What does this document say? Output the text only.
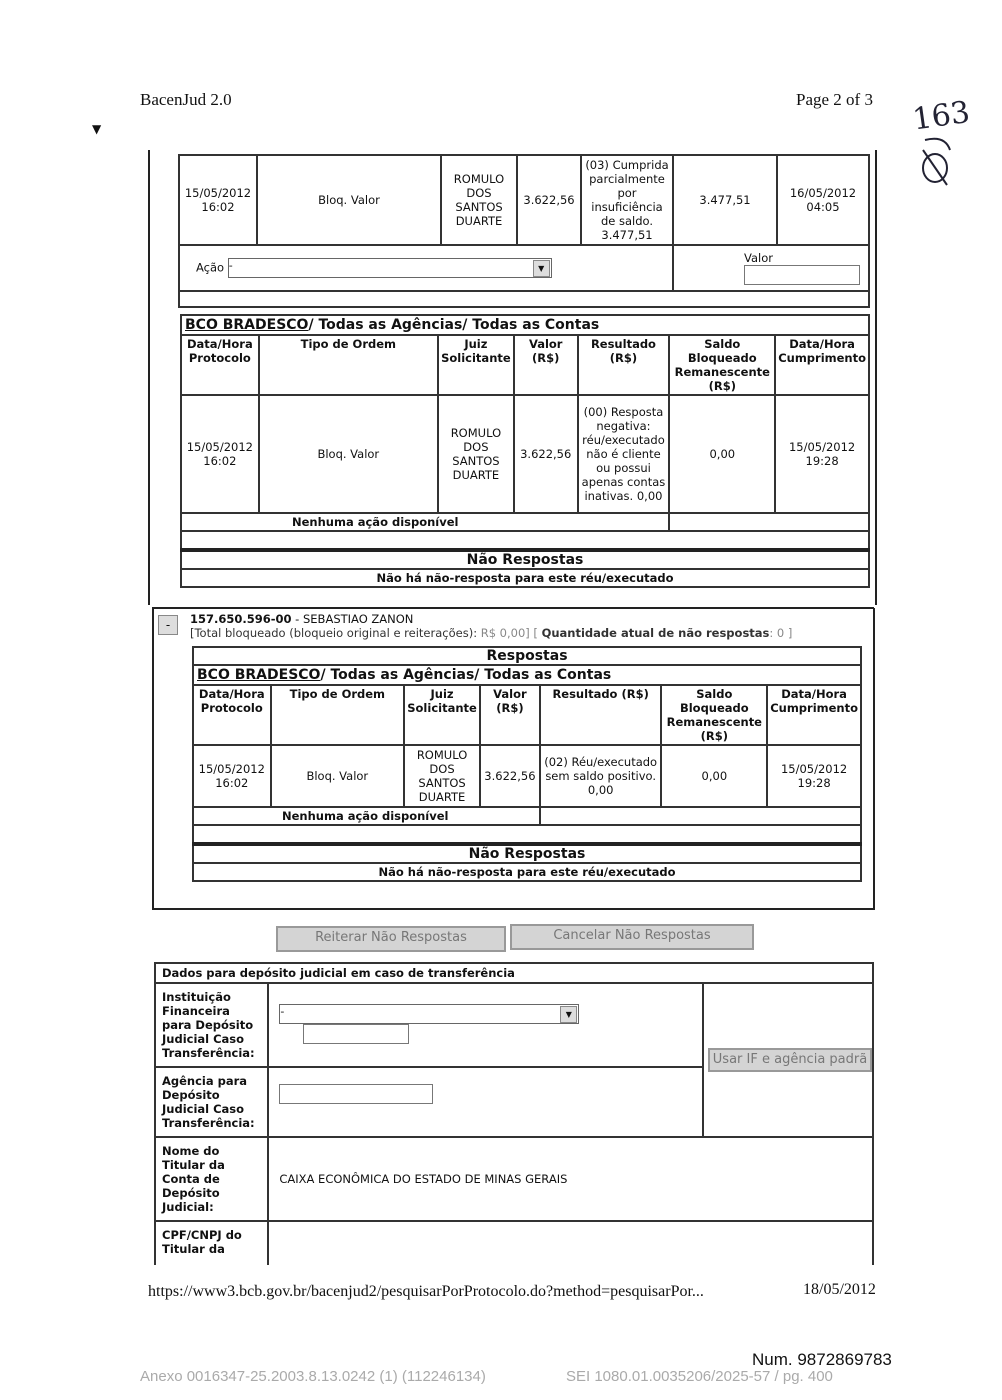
BacenJud 2.0	Page 2 of 3 163
▼
15/05/2012 16:02	Bloq. Valor	ROMULO DOS SANTOS DUARTE	3.622,56	(03) Cumprida parcialmente por insuficiência de saldo. 3.477,51	3.477,51	16/05/2012 04:05
Ação - ▼					Valor	

BCO BRADESCO/ Todas as Agências/ Todas as Contas						
Data/Hora Protocolo	Tipo de Ordem	Juiz Solicitante	Valor (R$)	Resultado (R$)	Saldo Bloqueado Remanescente (R$)	Data/Hora Cumprimento
15/05/2012 16:02	Bloq. Valor	ROMULO DOS SANTOS DUARTE	3.622,56	(00) Resposta negativa: réu/executado não é cliente ou possui apenas contas inativas. 0,00	0,00	15/05/2012 19:28
Nenhuma ação disponível						

Não Respostas						
Não há não-resposta para este réu/executado						
-	157.650.596-00 - SEBASTIAO ZANON
[Total bloqueado (bloqueio original e reiterações): R$ 0,00] [ Quantidade atual de não respostas: 0 ]
Respostas						
BCO BRADESCO/ Todas as Agências/ Todas as Contas						
Data/Hora Protocolo	Tipo de Ordem	Juiz Solicitante	Valor (R$)	Resultado (R$)	Saldo Bloqueado Remanescente (R$)	Data/Hora Cumprimento
15/05/2012 16:02	Bloq. Valor	ROMULO DOS SANTOS DUARTE	3.622,56	(02) Réu/executado sem saldo positivo. 0,00	0,00	15/05/2012 19:28
Nenhuma ação disponível						

Não Respostas						
Não há não-resposta para este réu/executado						
Reiterar Não Respostas	Cancelar Não Respostas
Dados para depósito judicial em caso de transferência		
Instituição Financeira para Depósito Judicial Caso Transferência:	- ▼	Usar IF e agência padrã

Agência para Depósito Judicial Caso Transferência:		
Nome do Titular da Conta de Depósito Judicial:	CAIXA ECONÔMICA DO ESTADO DE MINAS GERAIS	
CPF/CNPJ do Titular da		
https://www3.bcb.gov.br/bacenjud2/pesquisarPorProtocolo.do?method=pesquisarPor...	18/05/2012
Num. 9872869783
Anexo 0016347-25.2003.8.13.0242 (1) (112246134)	SEI 1080.01.0035206/2025-57 / pg. 400
